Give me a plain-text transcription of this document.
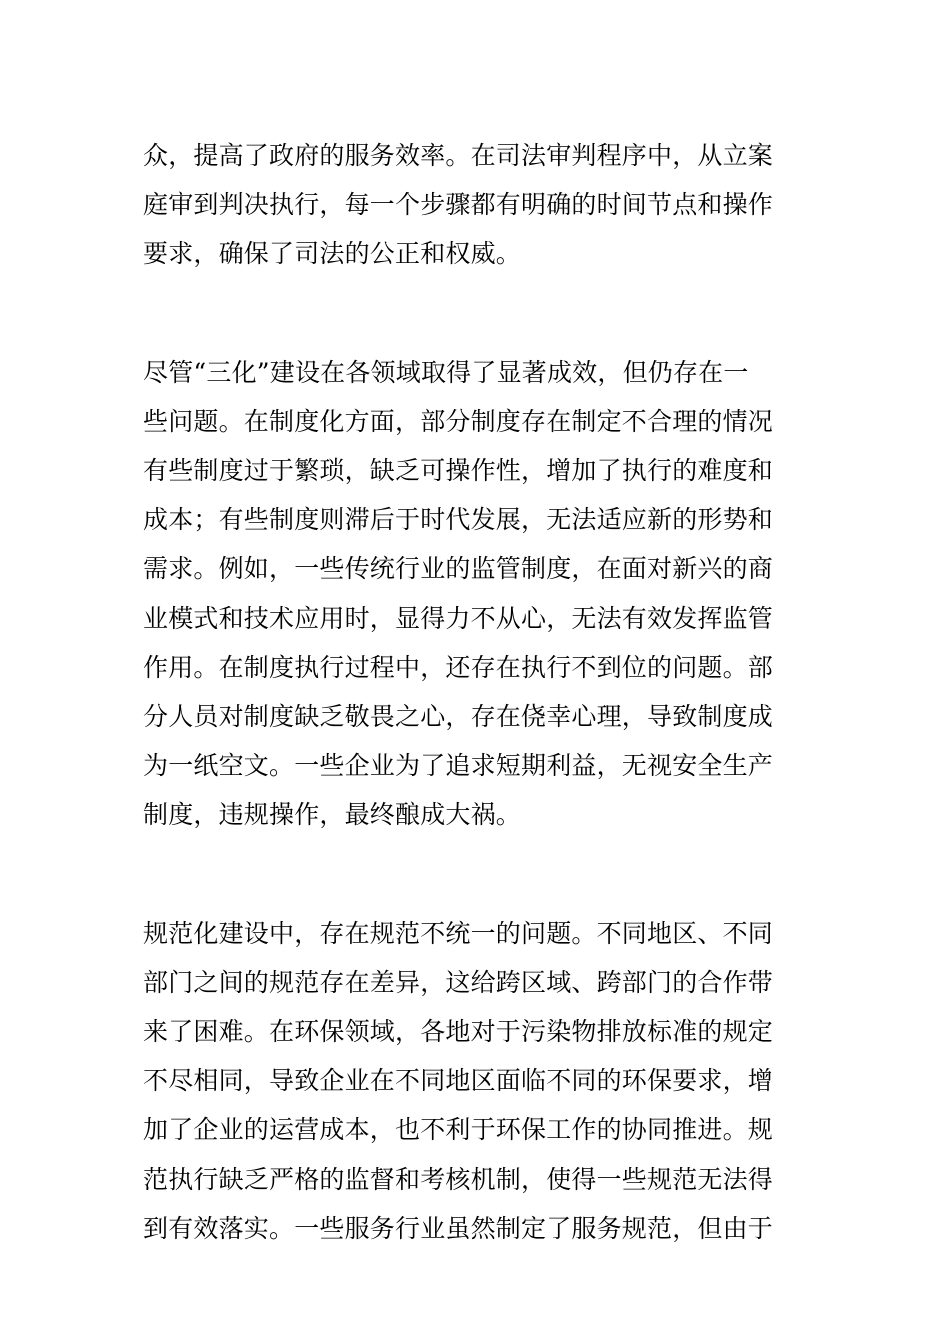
众，提高了政府的服务效率。在司法审判程序中，从立案
庭审到判决执行，每一个步骤都有明确的时间节点和操作
要求，确保了司法的公正和权威。

尽管“三化”建设在各领域取得了显著成效，但仍存在一
些问题。在制度化方面，部分制度存在制定不合理的情况
有些制度过于繁琐，缺乏可操作性，增加了执行的难度和
成本；有些制度则滞后于时代发展，无法适应新的形势和
需求。例如，一些传统行业的监管制度，在面对新兴的商
业模式和技术应用时，显得力不从心，无法有效发挥监管
作用。在制度执行过程中，还存在执行不到位的问题。部
分人员对制度缺乏敬畏之心，存在侥幸心理，导致制度成
为一纸空文。一些企业为了追求短期利益，无视安全生产
制度，违规操作，最终酿成大祸。

规范化建设中，存在规范不统一的问题。不同地区、不同
部门之间的规范存在差异，这给跨区域、跨部门的合作带
来了困难。在环保领域，各地对于污染物排放标准的规定
不尽相同，导致企业在不同地区面临不同的环保要求，增
加了企业的运营成本，也不利于环保工作的协同推进。规
范执行缺乏严格的监督和考核机制，使得一些规范无法得
到有效落实。一些服务行业虽然制定了服务规范，但由于
